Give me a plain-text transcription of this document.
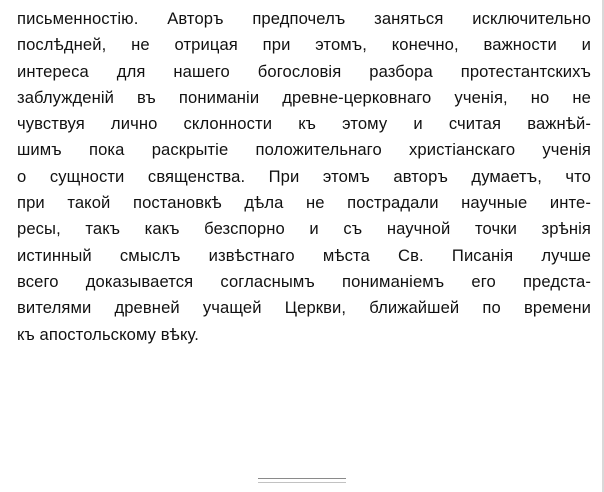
письменностію. Авторъ предпочелъ заняться исключительно
послѣдней, не отрицая при этомъ, конечно, важности и
интереса для нашего богословія разбора протестантскихъ
заблужденій въ пониманіи древне-церковнаго ученія, но не
чувствуя лично склонности къ этому и считая важнѣй-
шимъ пока раскрытіе положительнаго христіанскаго ученія
о сущности священства. При этомъ авторъ думаетъ, что
при такой постановкѣ дѣла не пострадали научные инте-
ресы, такъ какъ безспорно и съ научной точки зрѣнія
истинный смыслъ извѣстнаго мѣста Св. Писанія лучше
всего доказывается согласнымъ пониманіемъ его предста-
вителями древней учащей Церкви, ближайшей по времени
къ апостольскому вѣку.
